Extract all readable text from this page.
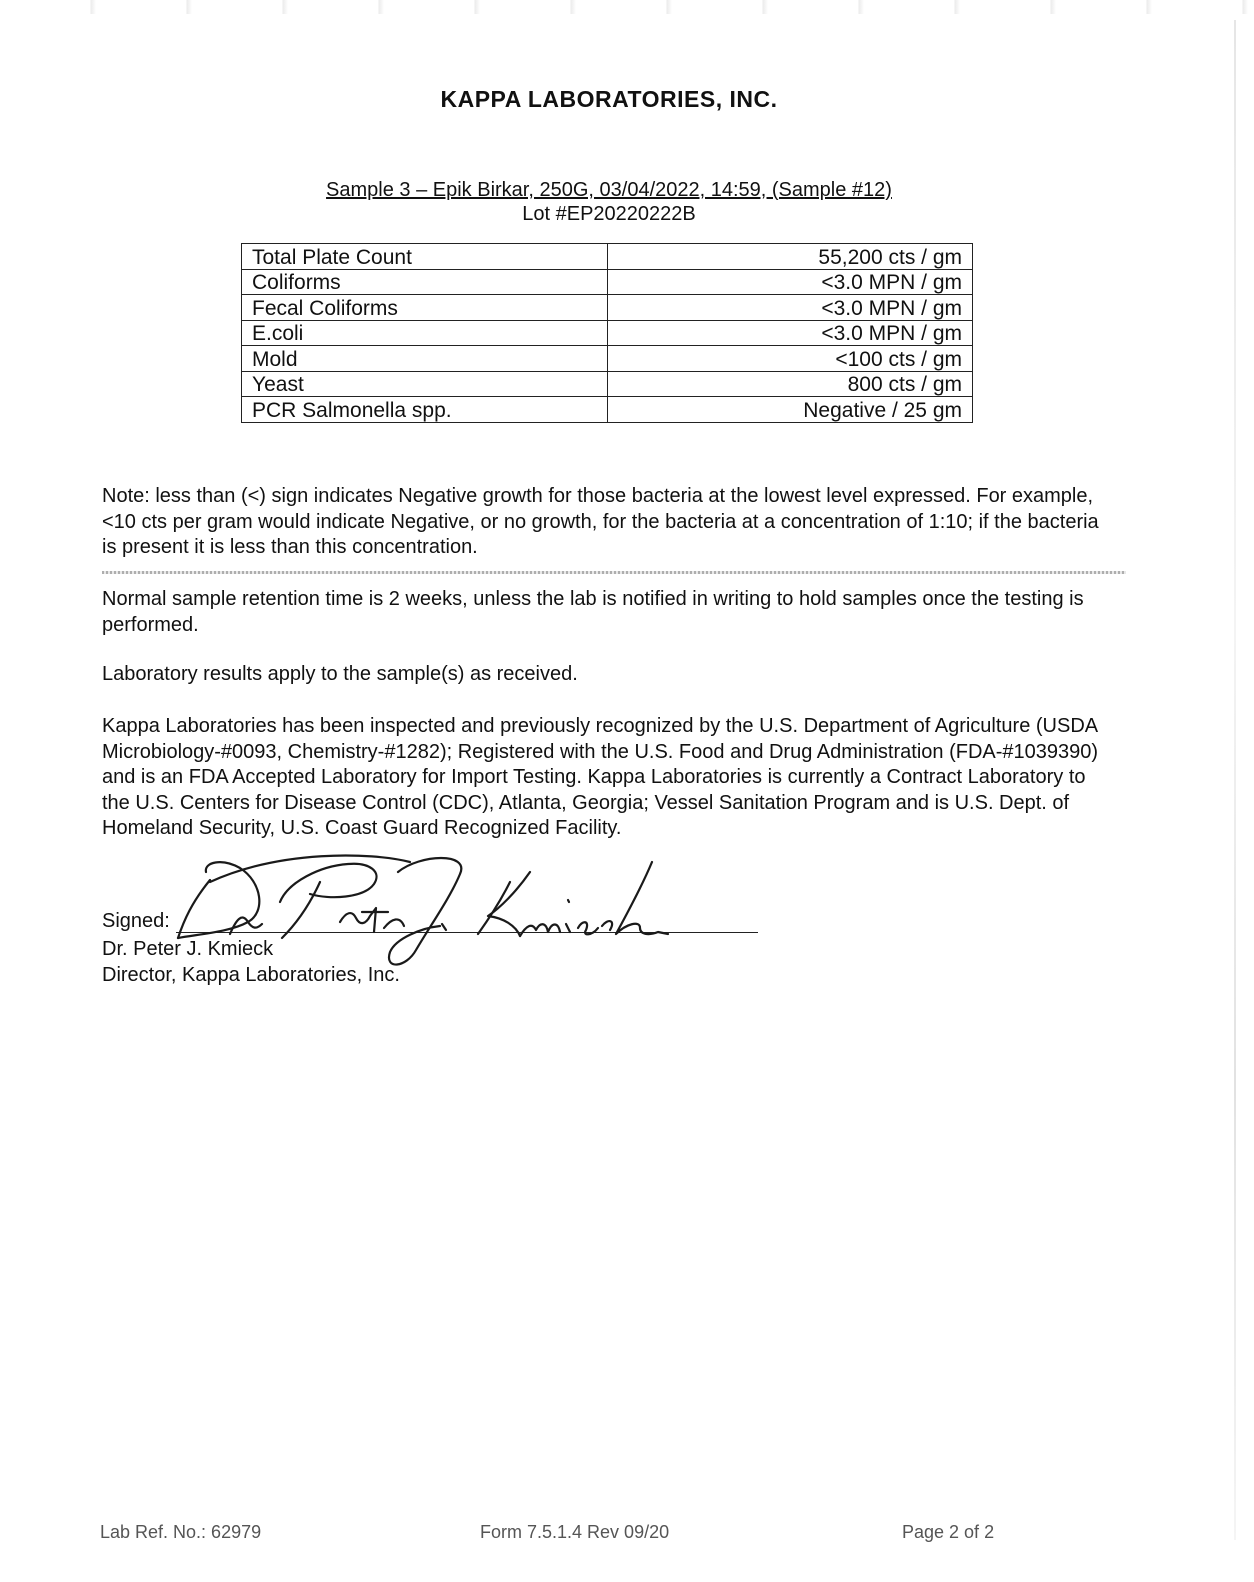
KAPPA LABORATORIES, INC.
Sample 3 – Epik Birkar, 250G, 03/04/2022, 14:59, (Sample #12)
Lot #EP20220222B
Total Plate Count	55,200 cts / gm
Coliforms	<3.0 MPN / gm
Fecal Coliforms	<3.0 MPN / gm
E.coli	<3.0 MPN / gm
Mold	<100 cts / gm
Yeast	800 cts / gm
PCR Salmonella spp.	Negative / 25 gm
Note: less than (<) sign indicates Negative growth for those bacteria at the lowest level expressed. For example, <10 cts per gram would indicate Negative, or no growth, for the bacteria at a concentration of 1:10; if the bacteria is present it is less than this concentration.
Normal sample retention time is 2 weeks, unless the lab is notified in writing to hold samples once the testing is performed.
Laboratory results apply to the sample(s) as received.
Kappa Laboratories has been inspected and previously recognized by the U.S. Department of Agriculture (USDA Microbiology-#0093, Chemistry-#1282); Registered with the U.S. Food and Drug Administration (FDA-#1039390) and is an FDA Accepted Laboratory for Import Testing. Kappa Laboratories is currently a Contract Laboratory to the U.S. Centers for Disease Control (CDC), Atlanta, Georgia; Vessel Sanitation Program and is U.S. Dept. of Homeland Security, U.S. Coast Guard Recognized Facility.
Signed:
Dr. Peter J. Kmieck
Director, Kappa Laboratories, Inc.
Lab Ref. No.: 62979	Form 7.5.1.4 Rev 09/20	Page 2 of 2
